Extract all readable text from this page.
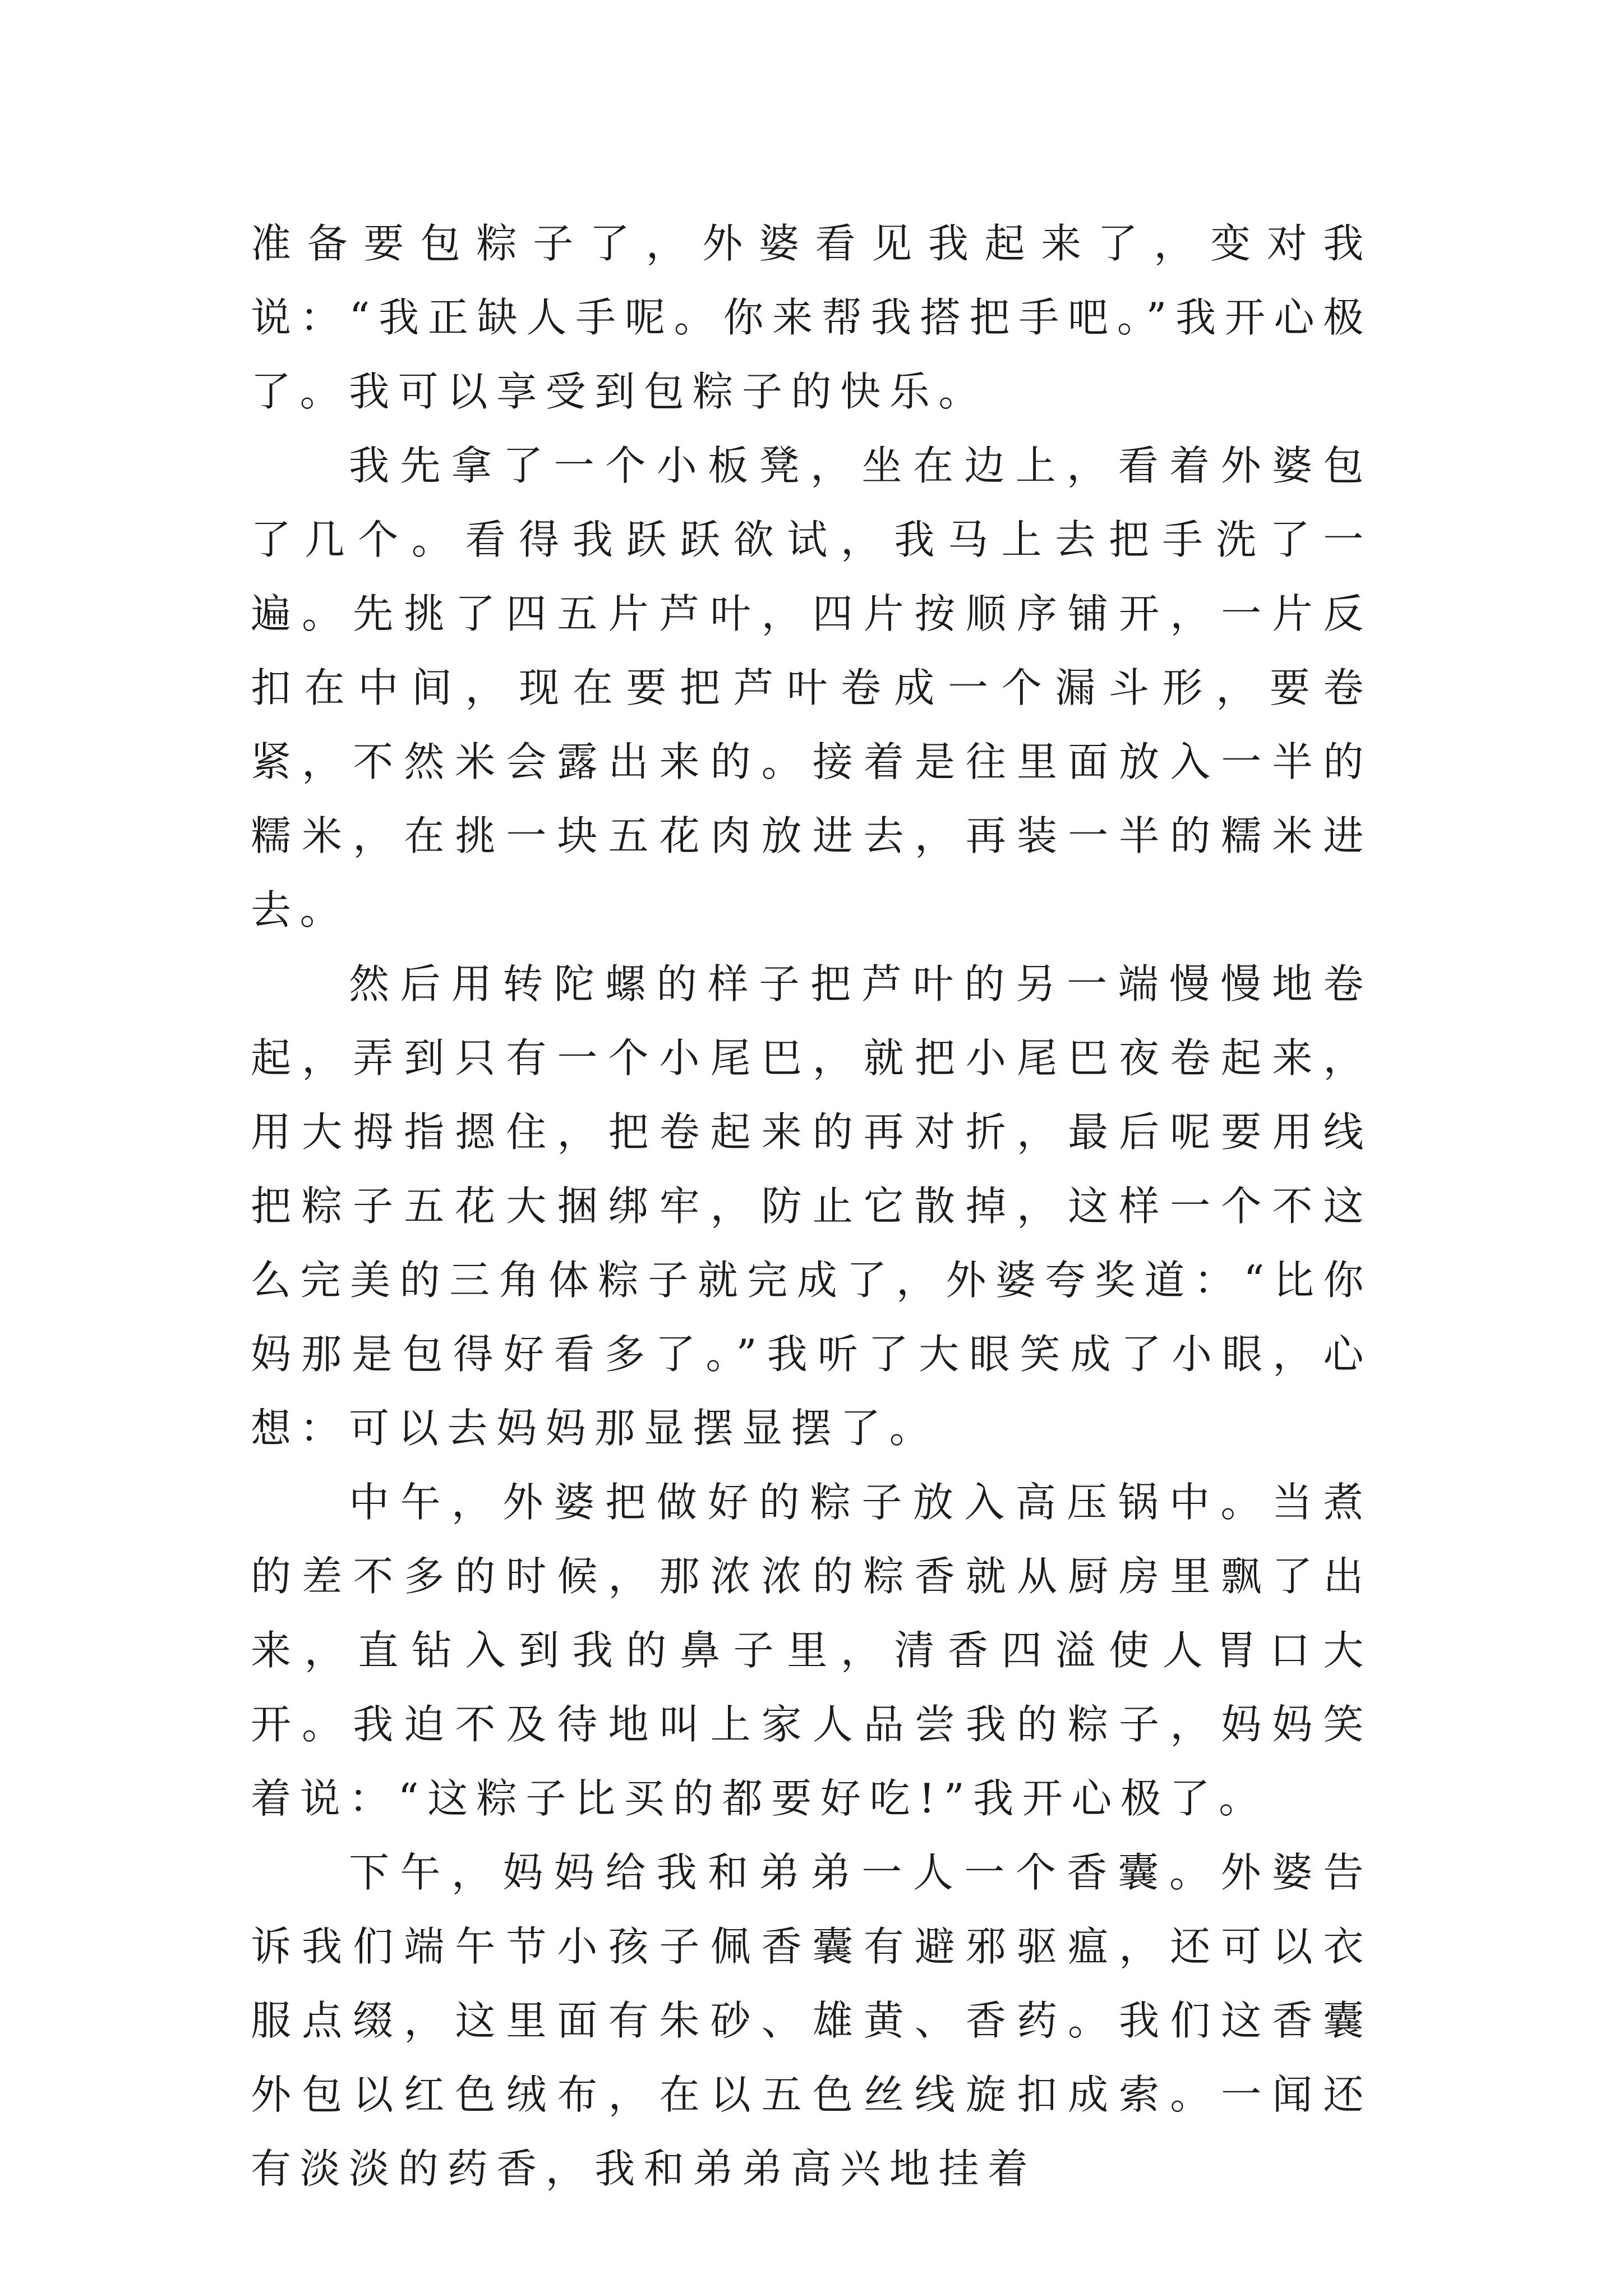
准备要包粽子了，外婆看见我起来了，变对我说：“我正缺人手呢。你来帮我搭把手吧。”我开心极了。我可以享受到包粽子的快乐。

我先拿了一个小板凳，坐在边上，看着外婆包了几个。看得我跃跃欲试，我马上去把手洗了一遍。先挑了四五片芦叶，四片按顺序铺开，一片反扣在中间，现在要把芦叶卷成一个漏斗形，要卷紧，不然米会露出来的。接着是往里面放入一半的糯米，在挑一块五花肉放进去，再装一半的糯米进去。

然后用转陀螺的样子把芦叶的另一端慢慢地卷起，弄到只有一个小尾巴，就把小尾巴夜卷起来，用大拇指摁住，把卷起来的再对折，最后呢要用线把粽子五花大捆绑牢，防止它散掉，这样一个不这么完美的三角体粽子就完成了，外婆夸奖道：“比你妈那是包得好看多了。”我听了大眼笑成了小眼，心想：可以去妈妈那显摆显摆了。

中午，外婆把做好的粽子放入高压锅中。当煮的差不多的时候，那浓浓的粽香就从厨房里飘了出来，直钻入到我的鼻子里，清香四溢使人胃口大开。我迫不及待地叫上家人品尝我的粽子，妈妈笑着说：“这粽子比买的都要好吃!”我开心极了。

下午，妈妈给我和弟弟一人一个香囊。外婆告诉我们端午节小孩子佩香囊有避邪驱瘟，还可以衣服点缀，这里面有朱砂、雄黄、香药。我们这香囊外包以红色绒布，在以五色丝线旋扣成索。一闻还有淡淡的药香，我和弟弟高兴地挂着
